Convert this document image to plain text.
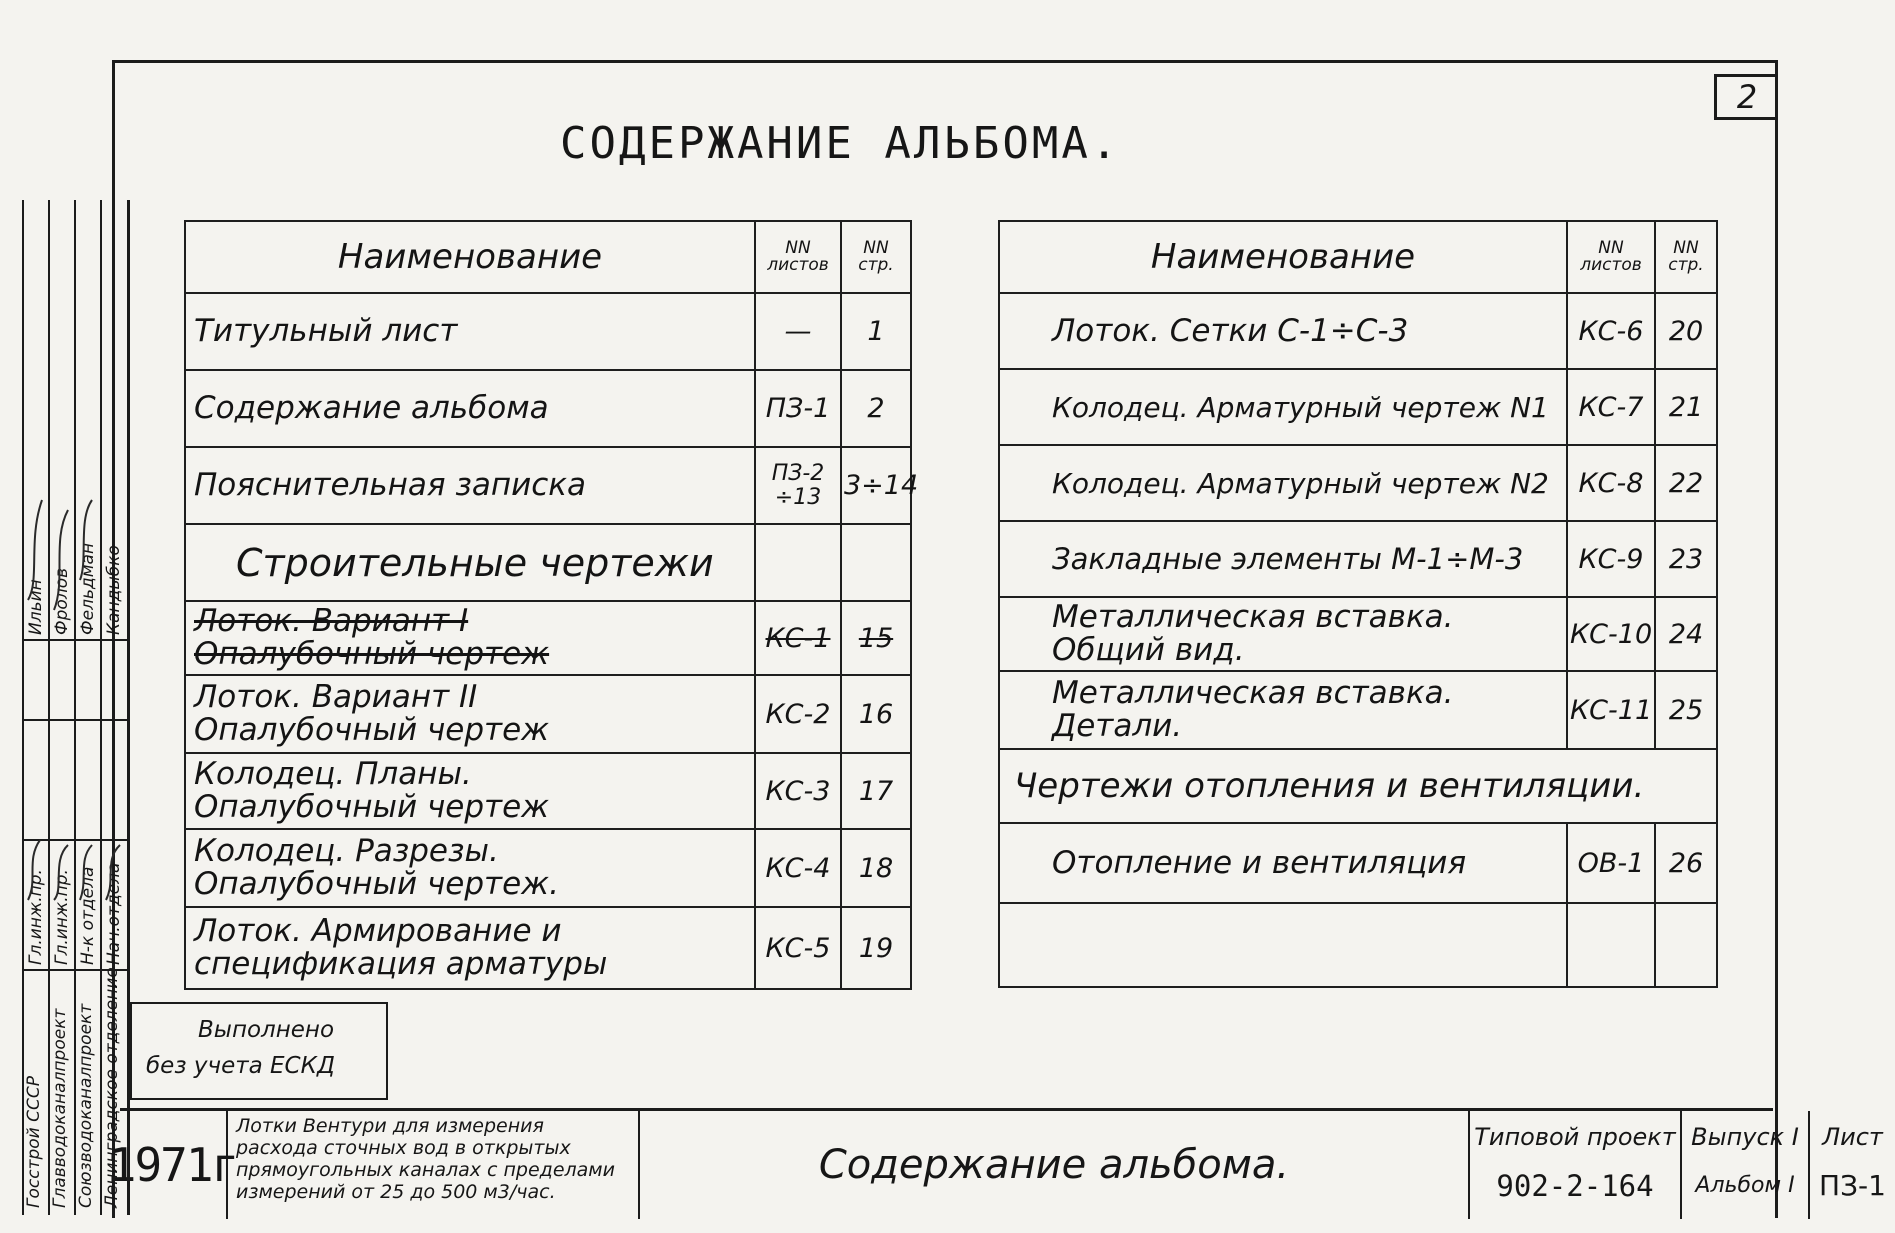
2
СОДЕРЖАНИЕ АЛЬБОМА.
Наименование	NN листов	NN стр.
Титульный лист	—	1
Содержание альбома	ПЗ-1	2
Пояснительная записка	ПЗ-2 ÷13	3÷14
Строительные чертежи		

Лоток. Вариант I
Опалубочный чертеж	КС-1	15

Лоток. Вариант II
Опалубочный чертеж	КС-2	16

Колодец. Планы.
Опалубочный чертеж	КС-3	17

Колодец. Разрезы.
Опалубочный чертеж.	КС-4	18

Лоток. Армирование и
спецификация арматуры	КС-5	19
Наименование	NN листов	NN стр.
Лоток. Сетки С-1÷С-3	КС-6	20
Колодец. Арматурный чертеж N1	КС-7	21
Колодец. Арматурный чертеж N2	КС-8	22
Закладные элементы М-1÷М-3	КС-9	23

Металлическая вставка.
Общий вид.	КС-10	24

Металлическая вставка.
Детали.	КС-11	25
Чертежи отопления и вентиляции.		
Отопление и вентиляция	ОВ-1	26

Выполнено
без учета ЕСКД
1971г
Лотки Вентури для измерения расхода сточных вод в открытых прямоугольных каналах с пределами измерений от 25 до 500 м3/час.
Содержание альбома.
Типовой проект
902-2-164
Выпуск I
Альбом I
Лист
ПЗ-1
Госстрой СССР Главводоканалпроект Союзводоканалпроект Ленинградское отделение
Гл.инж.пр. Гл.инж.пр. Н-к отдела Нач.отдела
Ильин Фролов Фельдман Кандыбко
